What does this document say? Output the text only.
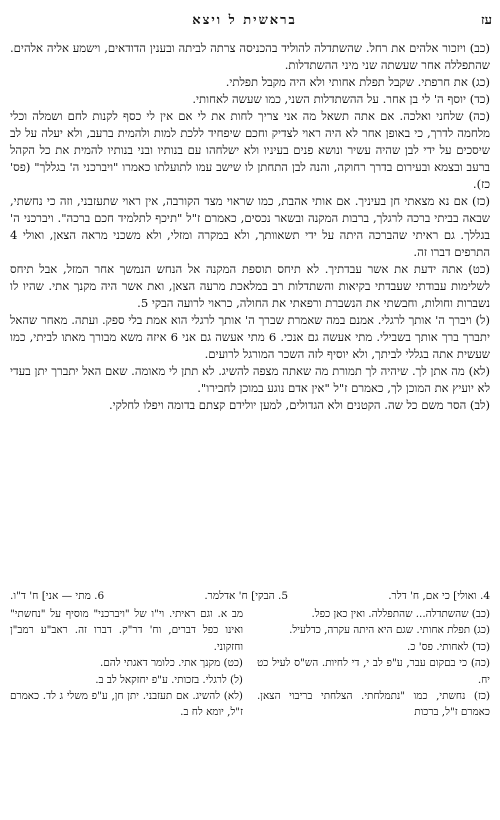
עז
בראשית ל ויצא

(כב) ויזכור אלהים את רחל. שהשתדלה להוליד בהכניסה צרתה לביתה ובענין הדודאים, וישמע אליה אלהים. שהתפללה אחר שעשתה שני מיני ההשתדלות.

(כג) את חרפתי. שקבל תפלת אחותי ולא היה מקבל תפלתי.

(כד) יוסף ה' לי בן אחר. על ההשתדלות השני, כמו שעשה לאחותי.

(כה) שלחני ואלכה. אם אתה תשאל מה אני צריך לחות את לי אם אין לי כסף לקנות לחם ושמלה וכלי מלחמה לדרך, כי באופן אחר לא היה ראוי לצדיק וחכם שיפחיד ללכת למות ולהמית ברעב, ולא יעלה על לב שיסכים על ידי לבן שהיה עשיר ונושא פנים בעיניו ולא ישלחהו עם בנותיו ובני בנותיו להמית את כל הקהל ברעב ובצמא ובעירום בדרך רחוקה, והנה לבן התחתן לו שישב עמו לתועלתו כאמרו "ויברכני ה' בגללך" (פס' כז).

(כז) אם נא מצאתי חן בעיניך. אם אותי אהבת, כמו שראוי מצד הקורבה, אין ראוי שתעזבני, וזה כי נחשתי, שבאה בביתי ברכה לרגלך, ברבות המקנה ובשאר נכסים, כאמרם ז"ל "תיכף לתלמיד חכם ברכה". ויברכני ה' בגללך. גם ראיתי שהברכה היתה על ידי תשאוותך, ולא במקרה ומזלי, ולא משכני מראה הצאן, ואולי 4 התרפים דברו זה.

(כט) אתה ידעת את אשר עבדתיך. לא תיחס תוספת המקנה אל הנחש הנמשך אחר המזל, אבל תיחס לשלימות עבודתי שעבדתי בקיאות והשתדלות רב במלאכת מרעה הצאן, ואת אשר היה מקנך אתי. שהיו לו נשברות וחולות, וחבשתי את הנשברת ורפאתי את החולה, כראוי לרועה הבקי 5.

(ל) ויברך ה' אותך לרגלי. אמנם במה שאמרת שברך ה' אותך לרגלי הוא אמת בלי ספק. ועתה. מאחר שהאל יתברך ברך אותך בשבילי. מתי אעשה גם אנכי. 6 מתי אעשה גם אני 6 איזה משא מבורך מאתו לביתי, כמו שעשית אתה בגללי לביתך, ולא יוסיף לזה השכר המורגל לרועים.

(לא) מה אתן לך. שיהיה לך תמורת מה שאתה מצפה להשיג. לא תתן לי מאומה. שאם האל יתברך יתן בעדי לא יועיץ את המוכן לך, כאמרם ז"ל "אין אדם נוגע במוכן לחבירו".

(לב) הסר משם כל שה. הקטנים ולא הגדולים, למען יולידם קצתם בדומה ויפלו לחלקי.

4. ואולי] כי אם, ח' דלר.
5. הבקי] ח' אדלמר.
6. מתי — אני] ח' ד"ו.

(כב) שהשתדלה... שהתפללה. ואין כאן כפל.

(כג) תפלת אחותי. שגם היא היתה עקרה, כדלעיל.

(כד) לאחותי. פס' כ.

(כה) כי בםקום עבר, ע"פ לב י, די לחיות. הש"ס לעיל כט יח.

(כז) נחשתי, כמו "נתמלחתי. הצלחתי בריבוי הצאן. כאמרם ז"ל, ברכות

מב א. וגם ראיתי. וי"ו של "ויברכני" מוסיף על "נחשתי" ואינו כפל דברים, וח' דר"ק. דברו זה. ראב"ע רמב"ן וחזקוני.

(כט) מקנך אתי. כלומר דאגתי להם.

(ל) לרגלי. בזכותי. ע"פ יחזקאל לב ב.

(לא) להשיג. אם תעזבני. יתן חן, ע"פ משלי ג לד. כאמרם ז"ל, יומא לח ב.
